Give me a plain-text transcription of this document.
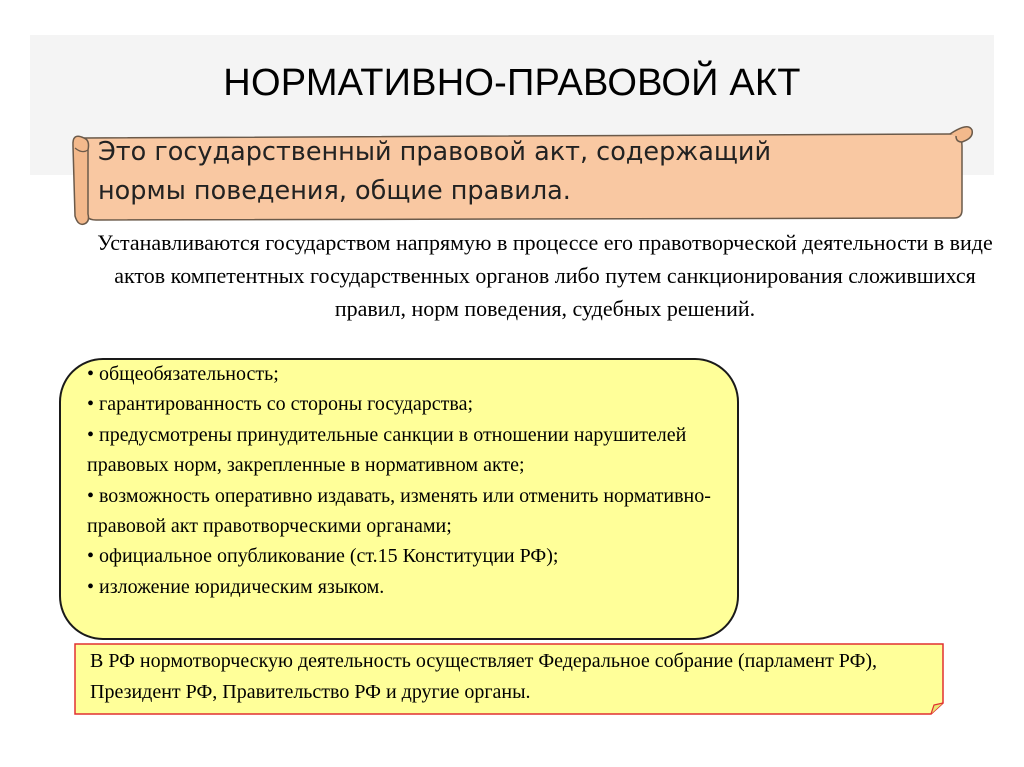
НОРМАТИВНО-ПРАВОВОЙ АКТ
Это государственный правовой акт, содержащий
нормы поведения, общие правила.
Устанавливаются государством напрямую в процессе его правотворческой деятельности в виде актов компетентных государственных органов либо путем санкционирования сложившихся правил, норм поведения, судебных решений.
• общеобязательность;
• гарантированность со стороны государства;
• предусмотрены принудительные санкции в отношении нарушителей правовых норм, закрепленные в нормативном акте;
• возможность оперативно издавать, изменять или отменить нормативно-правовой акт правотворческими органами;
• официальное опубликование (ст.15 Конституции РФ);
• изложение юридическим языком.
В РФ нормотворческую деятельность осуществляет Федеральное собрание (парламент РФ), Президент РФ, Правительство РФ и другие органы.
